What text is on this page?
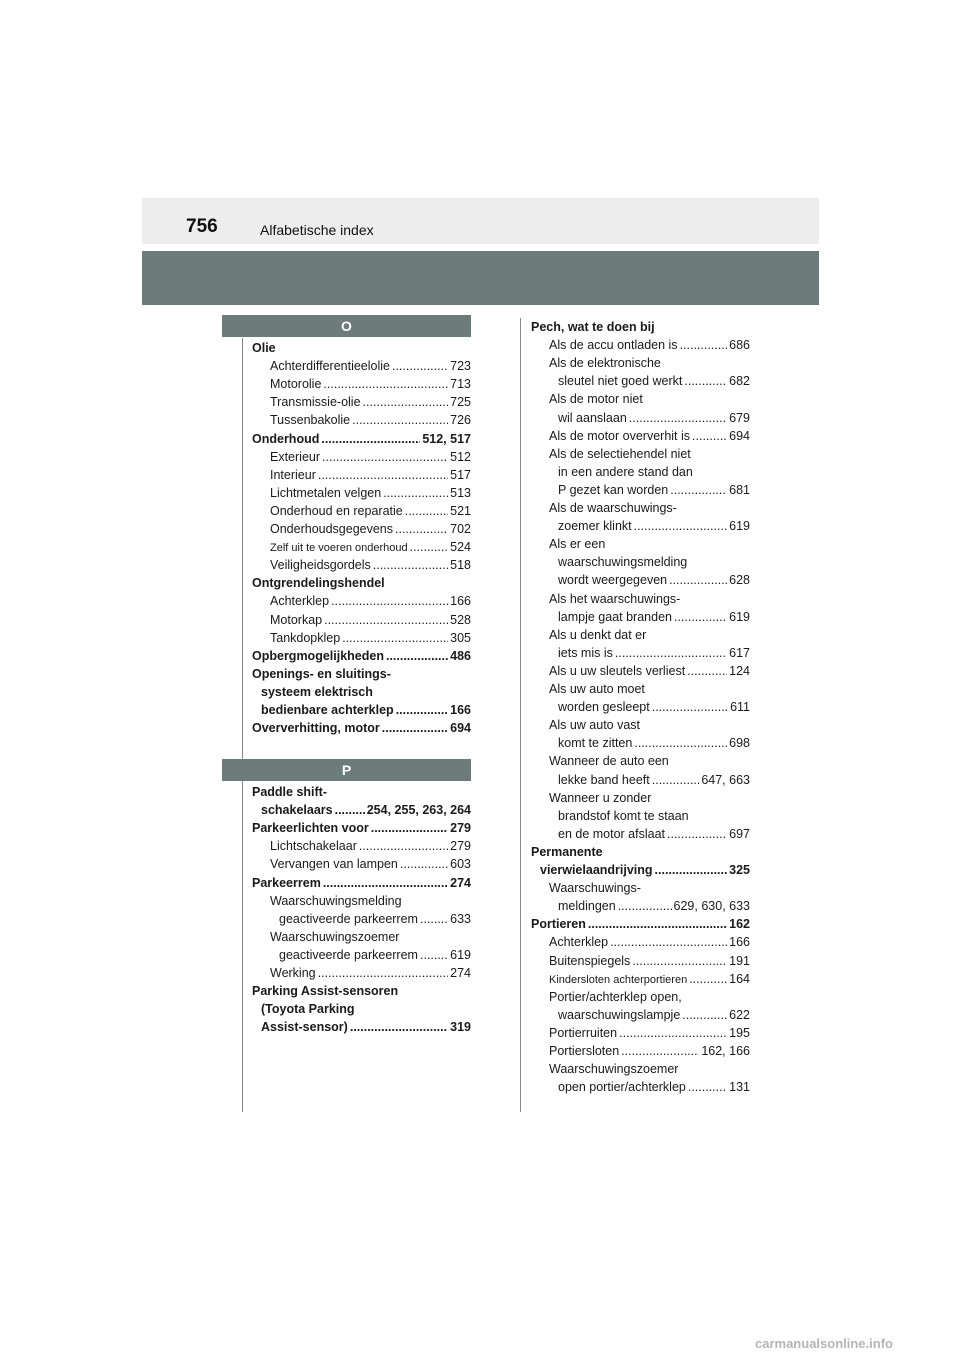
756	Alfabetische index
carmanualsonline.info
O
Olie
Achterdifferentieelolie .....	723
Motorolie .....	713
Transmissie-olie .....	725
Tussenbakolie .....	726
Onderhoud .....	512, 517
Exterieur .....	512
Interieur .....	517
Lichtmetalen velgen .....	513
Onderhoud en reparatie .....	521
Onderhoudsgegevens .....	702
Zelf uit te voeren onderhoud .....	524
Veiligheidsgordels .....	518
Ontgrendelingshendel
Achterklep .....	166
Motorkap .....	528
Tankdopklep .....	305
Opbergmogelijkheden .....	486
Openings- en sluitings-
systeem elektrisch
bedienbare achterklep .....	166
Oververhitting, motor .....	694
P
Paddle shift-
schakelaars .....	254, 255, 263, 264
Parkeerlichten voor .....	279
Lichtschakelaar .....	279
Vervangen van lampen .....	603
Parkeerrem .....	274
Waarschuwingsmelding
geactiveerde parkeerrem .....	633
Waarschuwingszoemer
geactiveerde parkeerrem .....	619
Werking .....	274
Parking Assist-sensoren
(Toyota Parking
Assist-sensor) .....	319
Pech, wat te doen bij
Als de accu ontladen is .....	686
Als de elektronische
sleutel niet goed werkt .....	682
Als de motor niet
wil aanslaan .....	679
Als de motor oververhit is .....	694
Als de selectiehendel niet
in een andere stand dan
P gezet kan worden .....	681
Als de waarschuwings-
zoemer klinkt .....	619
Als er een
waarschuwingsmelding
wordt weergegeven .....	628
Als het waarschuwings-
lampje gaat branden .....	619
Als u denkt dat er
iets mis is .....	617
Als u uw sleutels verliest .....	124
Als uw auto moet
worden gesleept .....	611
Als uw auto vast
komt te zitten .....	698
Wanneer de auto een
lekke band heeft .....	647, 663
Wanneer u zonder
brandstof komt te staan
en de motor afslaat .....	697
Permanente
vierwielaandrijving .....	325
Waarschuwings-
meldingen .....	629, 630, 633
Portieren .....	162
Achterklep .....	166
Buitenspiegels .....	191
Kindersloten achterportieren .....	164
Portier/achterklep open,
waarschuwingslampje .....	622
Portierruiten .....	195
Portiersloten .....	162, 166
Waarschuwingszoemer
open portier/achterklep .....	131
